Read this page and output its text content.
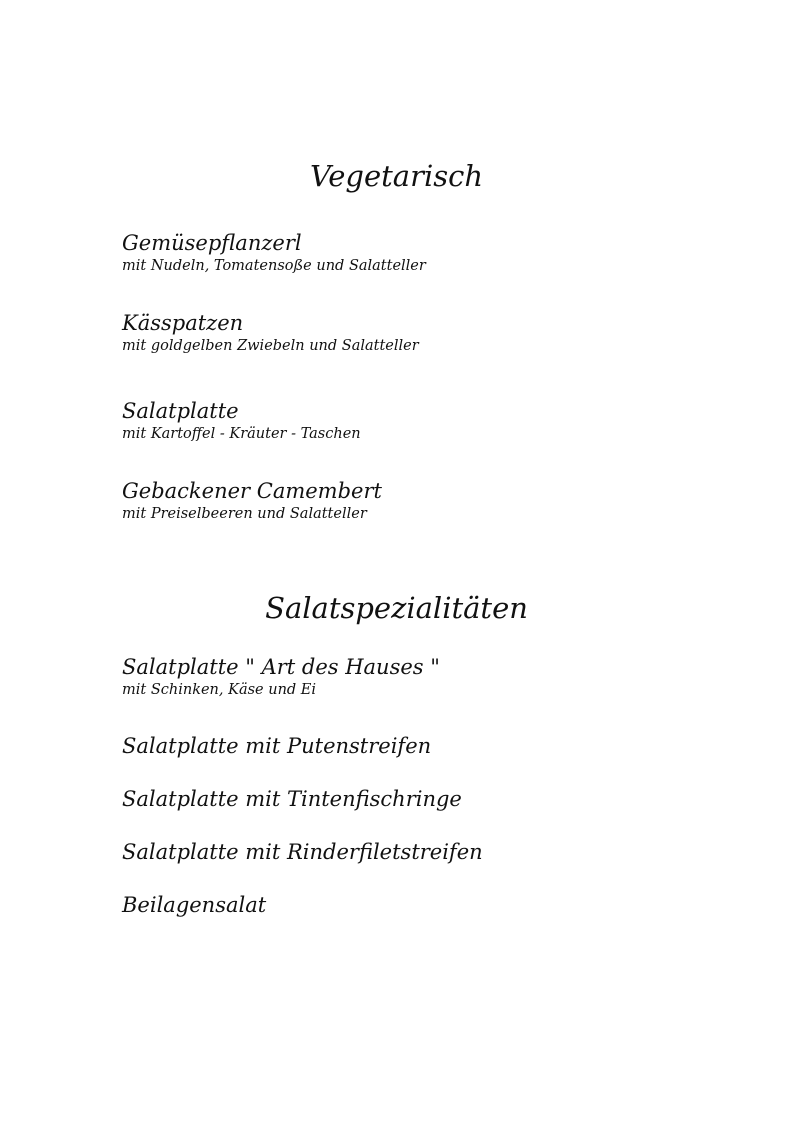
Vegetarisch
Gemüsepflanzerl
mit Nudeln, Tomatensoße und Salatteller
Kässpatzen
mit goldgelben Zwiebeln und Salatteller
Salatplatte
mit Kartoffel - Kräuter - Taschen
Gebackener Camembert
mit Preiselbeeren und Salatteller
Salatspezialitäten
Salatplatte " Art des Hauses "
mit Schinken, Käse und Ei
Salatplatte mit Putenstreifen
Salatplatte mit Tintenfischringe
Salatplatte mit Rinderfiletstreifen
Beilagensalat
